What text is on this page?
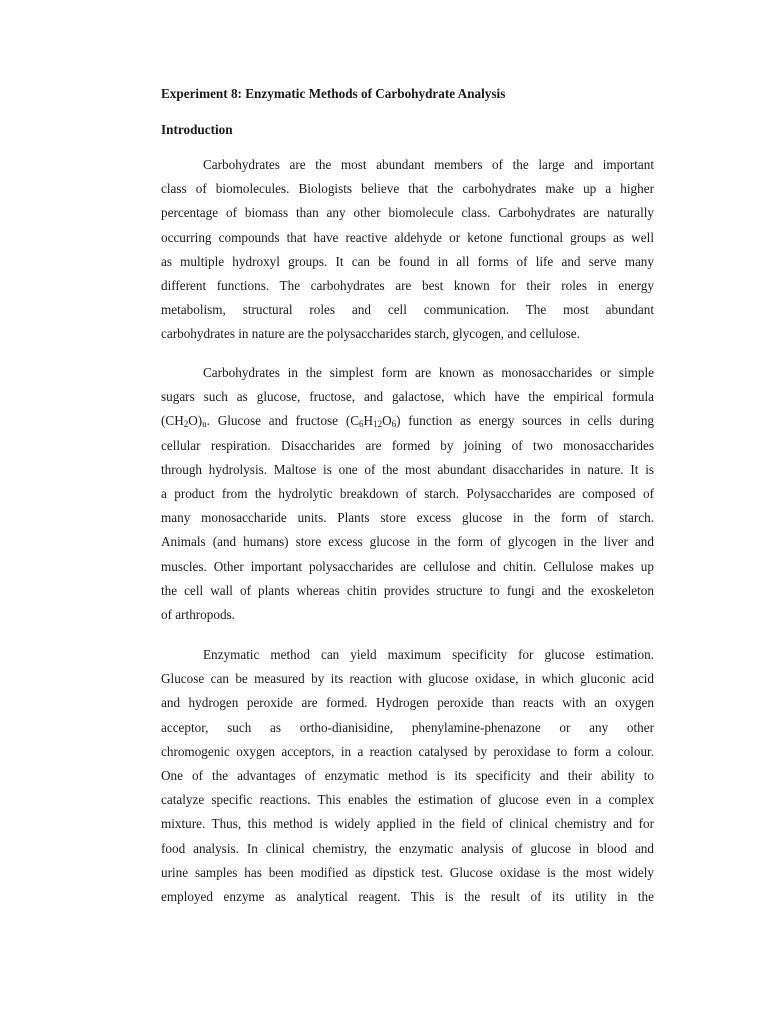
Experiment 8: Enzymatic Methods of Carbohydrate Analysis
Introduction
Carbohydrates are the most abundant members of the large and important
class of biomolecules. Biologists believe that the carbohydrates make up a higher
percentage of biomass than any other biomolecule class. Carbohydrates are naturally
occurring compounds that have reactive aldehyde or ketone functional groups as well
as multiple hydroxyl groups. It can be found in all forms of life and serve many
different functions. The carbohydrates are best known for their roles in energy
metabolism, structural roles and cell communication. The most abundant
carbohydrates in nature are the polysaccharides starch, glycogen, and cellulose.
Carbohydrates in the simplest form are known as monosaccharides or simple
sugars such as glucose, fructose, and galactose, which have the empirical formula
$(CH_2O)_n$. Glucose and fructose $(C_6H_{12}O_6)$ function as energy sources in cells during
cellular respiration. Disaccharides are formed by joining of two monosaccharides
through hydrolysis. Maltose is one of the most abundant disaccharides in nature. It is
a product from the hydrolytic breakdown of starch. Polysaccharides are composed of
many monosaccharide units. Plants store excess glucose in the form of starch.
Animals (and humans) store excess glucose in the form of glycogen in the liver and
muscles. Other important polysaccharides are cellulose and chitin. Cellulose makes up
the cell wall of plants whereas chitin provides structure to fungi and the exoskeleton
of arthropods.
Enzymatic method can yield maximum specificity for glucose estimation.
Glucose can be measured by its reaction with glucose oxidase, in which gluconic acid
and hydrogen peroxide are formed. Hydrogen peroxide than reacts with an oxygen
acceptor, such as ortho-dianisidine, phenylamine-phenazone or any other
chromogenic oxygen acceptors, in a reaction catalysed by peroxidase to form a colour.
One of the advantages of enzymatic method is its specificity and their ability to
catalyze specific reactions. This enables the estimation of glucose even in a complex
mixture. Thus, this method is widely applied in the field of clinical chemistry and for
food analysis. In clinical chemistry, the enzymatic analysis of glucose in blood and
urine samples has been modified as dipstick test. Glucose oxidase is the most widely
employed enzyme as analytical reagent. This is the result of its utility in the
